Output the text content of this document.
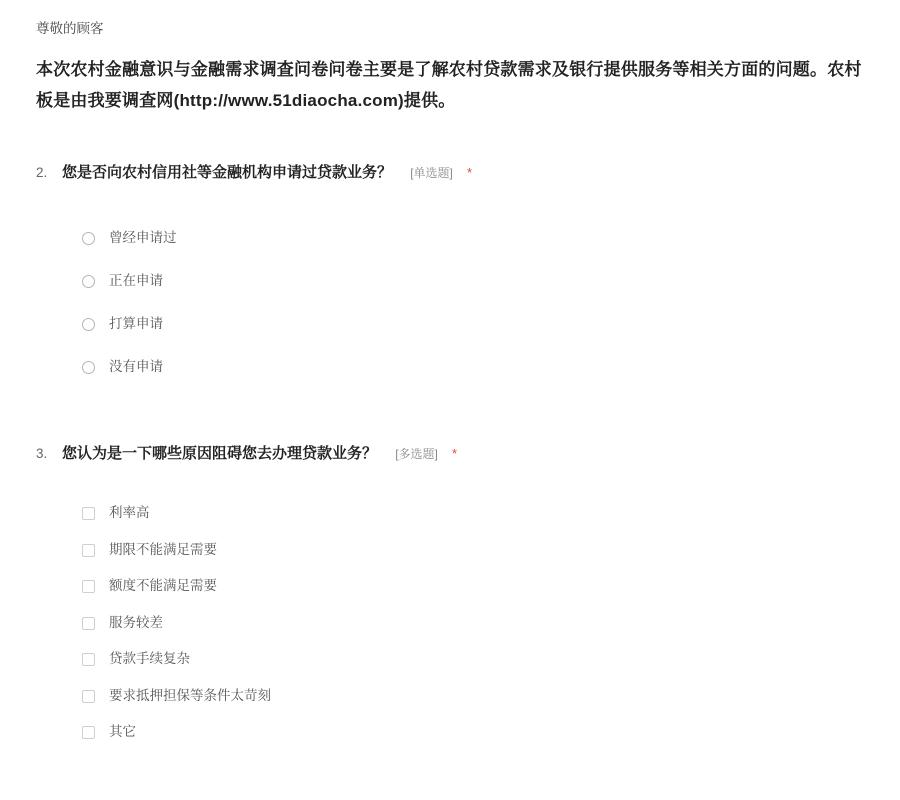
尊敬的顾客

本次农村金融意识与金融需求调查问卷问卷主要是了解农村贷款需求及银行提供服务等相关方面的问题。农村
板是由我要调查网(http://www.51diaocha.com)提供。

2. 您是否向农村信用社等金融机构申请过贷款业务？ [单选题] *
曾经申请过
正在申请
打算申请
没有申请
3. 您认为是一下哪些原因阻碍您去办理贷款业务？ [多选题] *
利率高
期限不能满足需要
额度不能满足需要
服务较差
贷款手续复杂
要求抵押担保等条件太苛刻
其它
